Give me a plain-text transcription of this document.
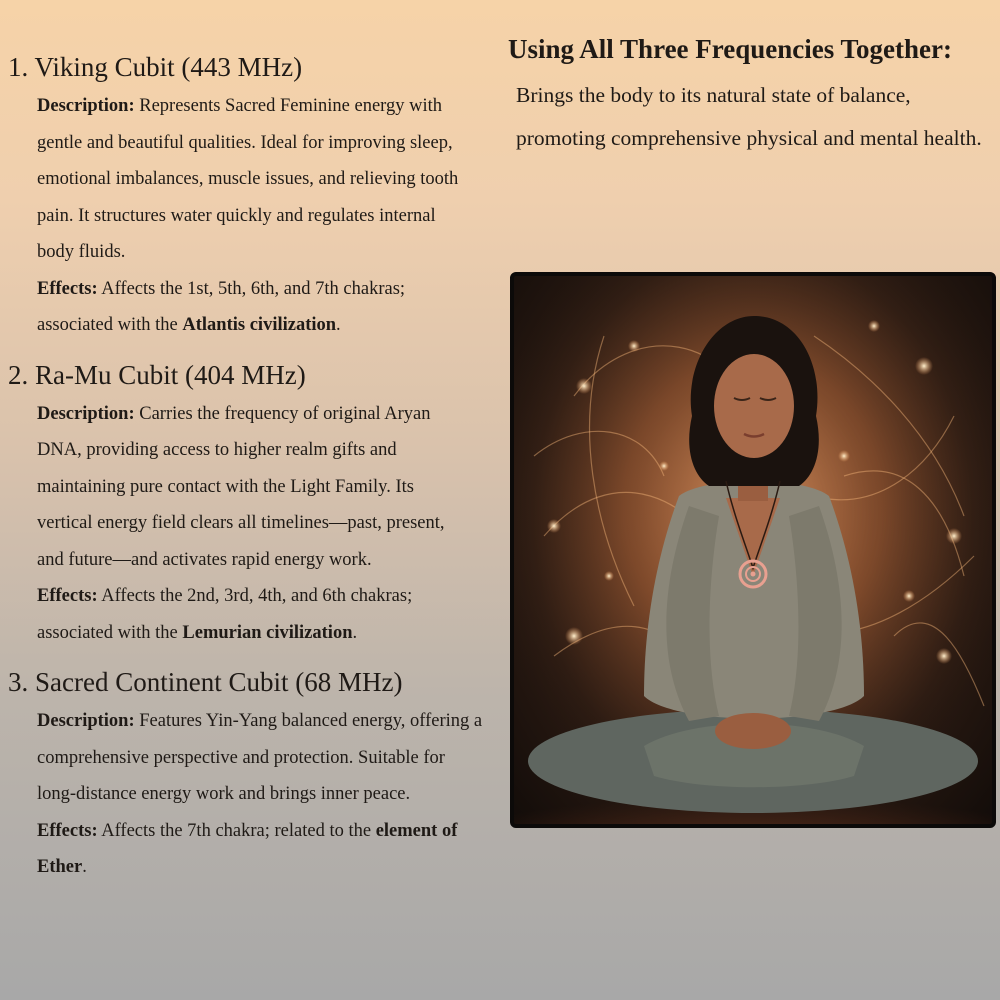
1. Viking Cubit (443 MHz)
Description: Represents Sacred Feminine energy with gentle and beautiful qualities. Ideal for improving sleep, emotional imbalances, muscle issues, and relieving tooth pain. It structures water quickly and regulates internal body fluids.
Effects: Affects the 1st, 5th, 6th, and 7th chakras; associated with the Atlantis civilization.
2. Ra-Mu Cubit (404 MHz)
Description: Carries the frequency of original Aryan DNA, providing access to higher realm gifts and maintaining pure contact with the Light Family. Its vertical energy field clears all timelines—past, present, and future—and activates rapid energy work.
Effects: Affects the 2nd, 3rd, 4th, and 6th chakras; associated with the Lemurian civilization.
3. Sacred Continent Cubit (68 MHz)
Description: Features Yin-Yang balanced energy, offering a comprehensive perspective and protection. Suitable for long-distance energy work and brings inner peace.
Effects: Affects the 7th chakra; related to the element of Ether.
Using All Three Frequencies Together:
Brings the body to its natural state of balance, promoting comprehensive physical and mental health.
